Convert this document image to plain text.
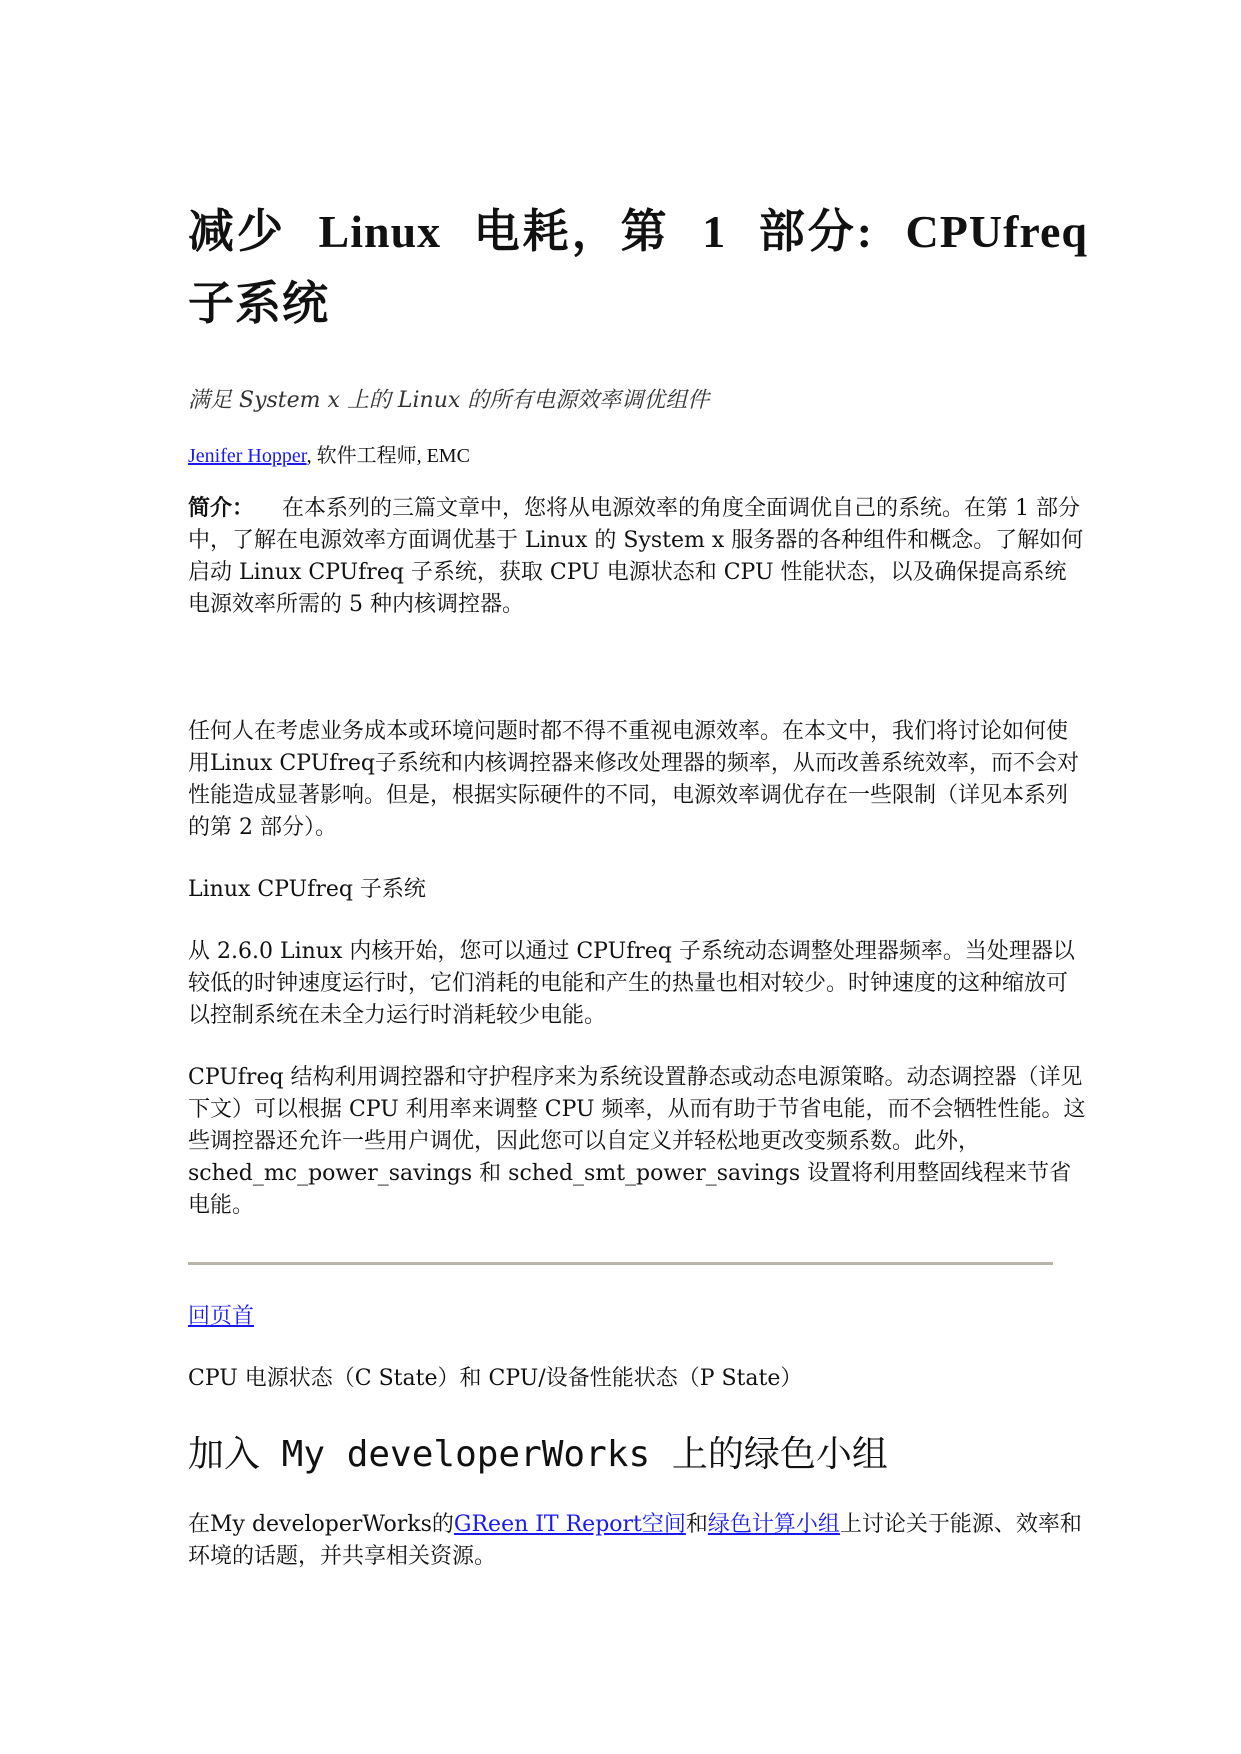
减少 Linux 电耗，第 1 部分: CPUfreq 子系统
满足 System x 上的 Linux 的所有电源效率调优组件
Jenifer Hopper, 软件工程师, EMC
简介： 在本系列的三篇文章中，您将从电源效率的角度全面调优自己的系统。在第 1 部分中，了解在电源效率方面调优基于 Linux 的 System x 服务器的各种组件和概念。了解如何启动 Linux CPUfreq 子系统，获取 CPU 电源状态和 CPU 性能状态，以及确保提高系统电源效率所需的 5 种内核调控器。

任何人在考虑业务成本或环境问题时都不得不重视电源效率。在本文中，我们将讨论如何使用Linux CPUfreq子系统和内核调控器来修改处理器的频率，从而改善系统效率，而不会对性能造成显著影响。但是，根据实际硬件的不同，电源效率调优存在一些限制（详见本系列的第 2 部分）。

Linux CPUfreq 子系统

从 2.6.0 Linux 内核开始，您可以通过 CPUfreq 子系统动态调整处理器频率。当处理器以较低的时钟速度运行时，它们消耗的电能和产生的热量也相对较少。时钟速度的这种缩放可以控制系统在未全力运行时消耗较少电能。

CPUfreq 结构利用调控器和守护程序来为系统设置静态或动态电源策略。动态调控器（详见下文）可以根据 CPU 利用率来调整 CPU 频率，从而有助于节省电能，而不会牺牲性能。这些调控器还允许一些用户调优，因此您可以自定义并轻松地更改变频系数。此外，sched_mc_power_savings 和 sched_smt_power_savings 设置将利用整固线程来节省电能。

回页首

CPU 电源状态（C State）和 CPU/设备性能状态（P State）

加入 My developerWorks 上的绿色小组

在My developerWorks的GReen IT Report空间和绿色计算小组上讨论关于能源、效率和环境的话题，并共享相关资源。
